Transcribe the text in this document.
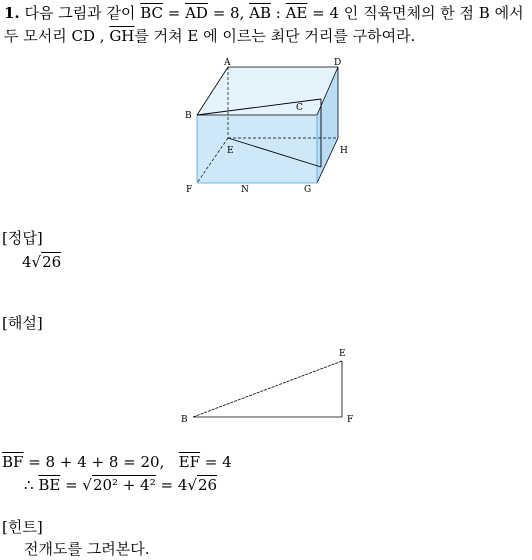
1. 다음 그림과 같이 $\overline{BC} = \overline{AD} = 8$, $\overline{AB}$ : $\overline{AE} = 4$ 인 직육면체의 한 점 B 에서
두 모서리 CD , $\overline{GH}$를 거쳐 E 에 이르는 최단 거리를 구하여라.
A	D
B
C
E	H
F	N	G
[정답]
4√26
[해설]
E
B	F
$\overline{BF} = 8 + 4 + 8 = 20$,   $\overline{EF} = 4$
∴ $\overline{BE} = √20^2 + 4^2 = 4√26$
[힌트]
전개도를 그려본다.
